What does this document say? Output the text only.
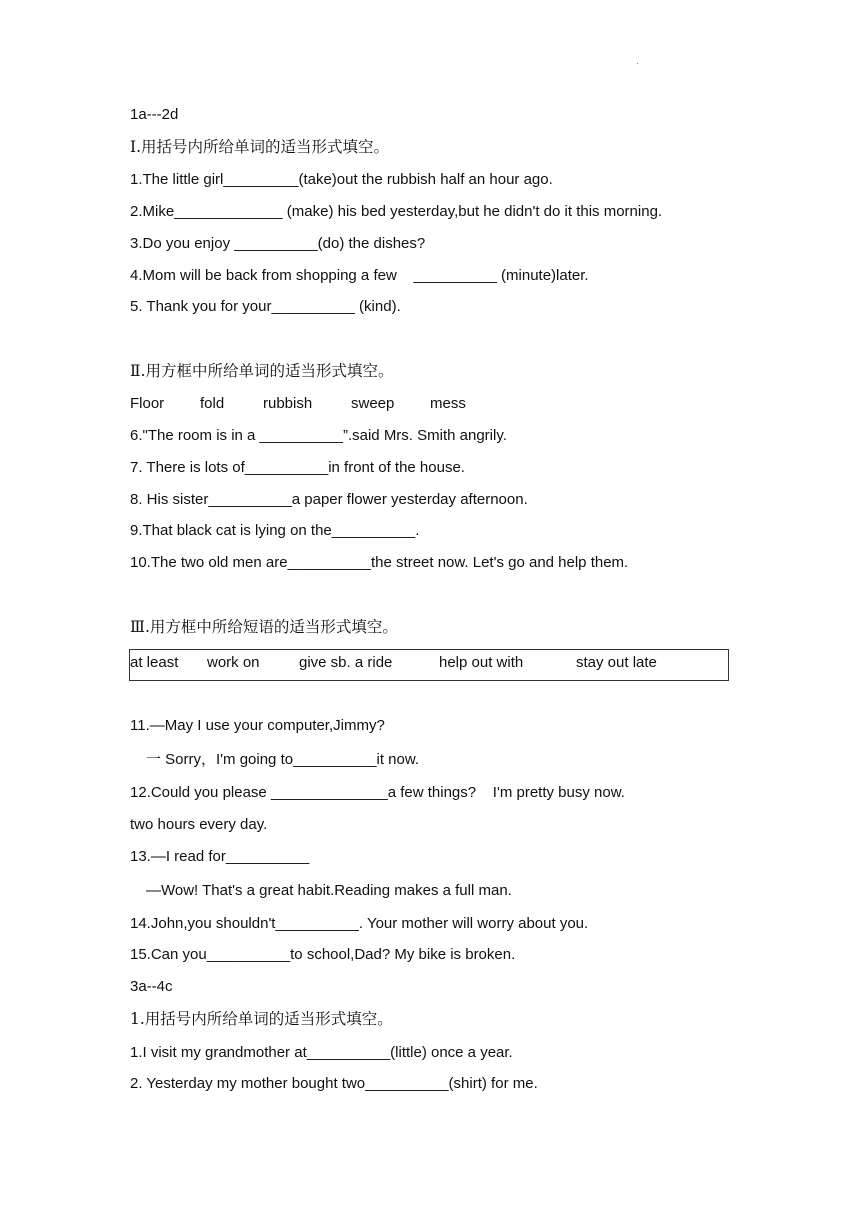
.
1a---2d
Ⅰ.用括号内所给单词的适当形式填空。
1.The little girl_________(take)out the rubbish half an hour ago.
2.Mike_____________ (make) his bed yesterday,but he didn't do it this morning.
3.Do you enjoy __________(do) the dishes?
4.Mom will be back from shopping a few    __________ (minute)later.
5. Thank you for your__________ (kind).
Ⅱ.用方框中所给单词的适当形式填空。
Floor fold	rubbish	sweep mess
6."The room is in a __________”.said Mrs. Smith angrily.
7. There is lots of__________in front of the house.
8. His sister__________a paper flower yesterday afternoon.
9.That black cat is lying on the__________.
10.The two old men are__________the street now. Let's go and help them.
Ⅲ.用方框中所给短语的适当形式填空。
at least work on	give sb. a ride	help out with	stay out late
11.—May I use your computer,Jimmy?
一 Sorry，I'm going to__________it now.
12.Could you please ______________a few things?    I'm pretty busy now.
two hours every day.
13.—I read for__________
—Wow! That's a great habit.Reading makes a full man.
14.John,you shouldn't__________. Your mother will worry about you.
15.Can you__________to school,Dad? My bike is broken.
3a--4c
1.用括号内所给单词的适当形式填空。
1.I visit my grandmother at__________(little) once a year.
2. Yesterday my mother bought two__________(shirt) for me.
